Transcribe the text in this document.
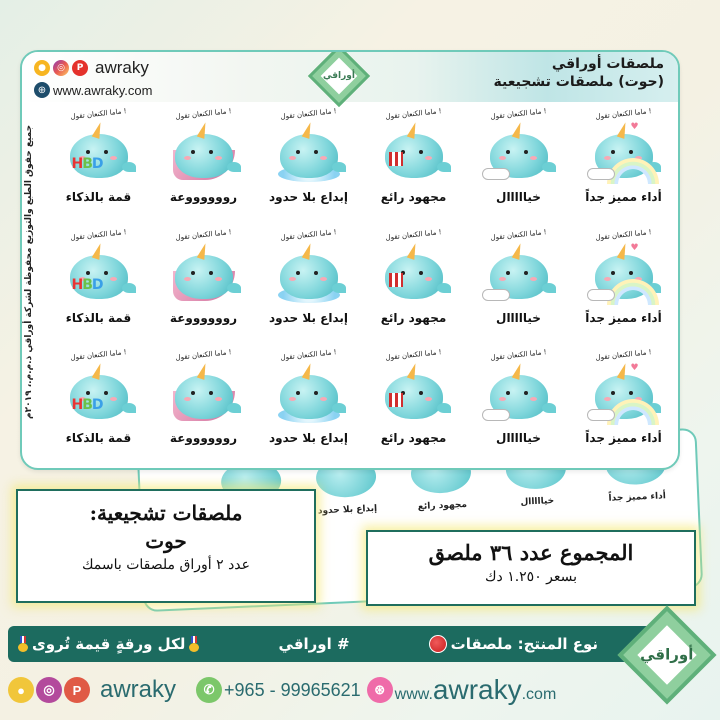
أداء مميز جداً
خيااااال
مجهود رائع
إبداع بلا حدود
●	◎	P awraky
⊕ www.awraky.com
أوراقي
ملصقات أوراقي
(حوت) ملصقات تشجيعية
جميع حقوق الطبع والتوزيع محفوظة لشركة أوراقي ذ.م.م.، ٢٠١٩م
! ماما الكنعان تقول
♥
أداء مميز جداً
! ماما الكنعان تقول
خيااااال
! ماما الكنعان تقول
مجهود رائع
! ماما الكنعان تقول
إبداع بلا حدود
! ماما الكنعان تقول
رووووووعة
! ماما الكنعان تقول
HBD
قمة بالذكاء
! ماما الكنعان تقول
♥
أداء مميز جداً
! ماما الكنعان تقول
خيااااال
! ماما الكنعان تقول
مجهود رائع
! ماما الكنعان تقول
إبداع بلا حدود
! ماما الكنعان تقول
رووووووعة
! ماما الكنعان تقول
HBD
قمة بالذكاء
! ماما الكنعان تقول
♥
أداء مميز جداً
! ماما الكنعان تقول
خيااااال
! ماما الكنعان تقول
مجهود رائع
! ماما الكنعان تقول
إبداع بلا حدود
! ماما الكنعان تقول
رووووووعة
! ماما الكنعان تقول
HBD
قمة بالذكاء
ملصقات تشجيعية:
حوت
عدد ٢ أوراق ملصقات باسمك	المجموع عدد ٣٦ ملصق
بسعر ١.٢٥٠ دك
لكل ورقةٍ قيمة تُروى	# اوراقي	نوع المنتج: ملصقات
أوراقي
●	◎	P awraky	✆ +965 - 99965621	⊛ www. awraky .com
